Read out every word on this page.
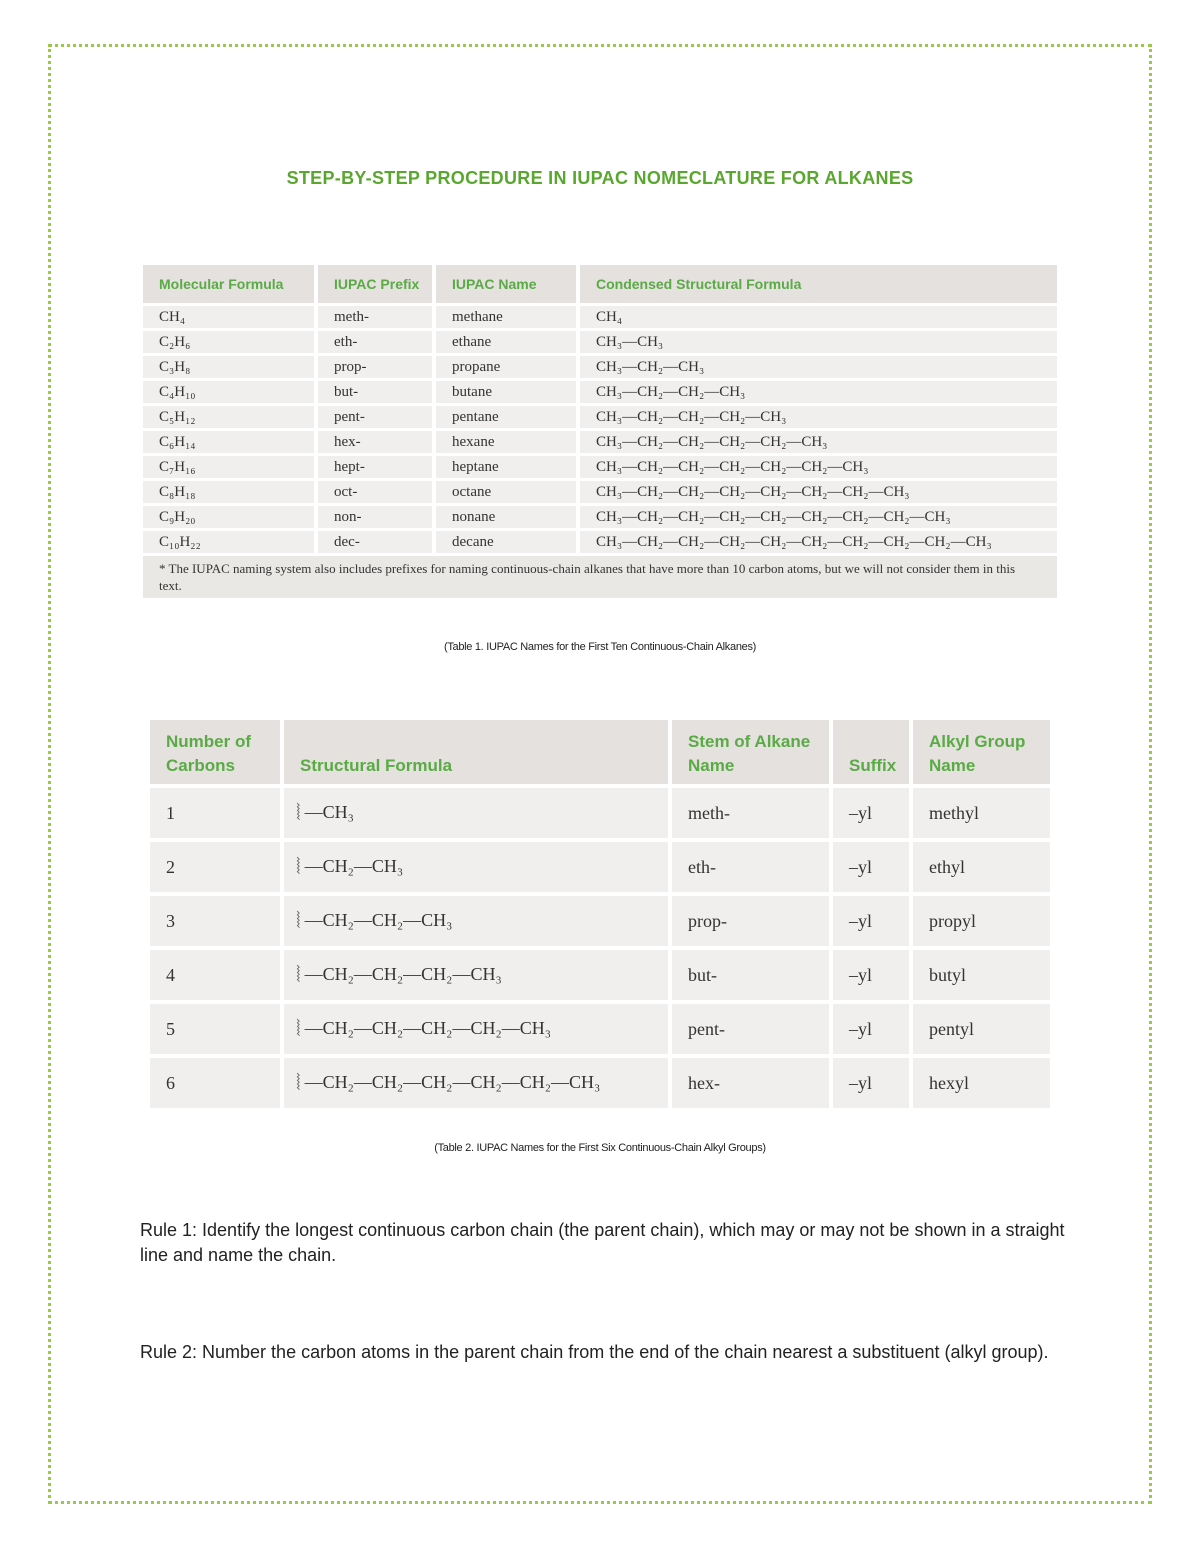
STEP-BY-STEP PROCEDURE IN IUPAC NOMECLATURE FOR ALKANES
Molecular Formula	IUPAC Prefix	IUPAC Name	Condensed Structural Formula
CH₄	meth-	methane	CH₄
C₂H₆	eth-	ethane	CH₃—CH₃
C₃H₈	prop-	propane	CH₃—CH₂—CH₃
C₄H₁₀	but-	butane	CH₃—CH₂—CH₂—CH₃
C₅H₁₂	pent-	pentane	CH₃—CH₂—CH₂—CH₂—CH₃
C₆H₁₄	hex-	hexane	CH₃—CH₂—CH₂—CH₂—CH₂—CH₃
C₇H₁₆	hept-	heptane	CH₃—CH₂—CH₂—CH₂—CH₂—CH₂—CH₃
C₈H₁₈	oct-	octane	CH₃—CH₂—CH₂—CH₂—CH₂—CH₂—CH₂—CH₃
C₉H₂₀	non-	nonane	CH₃—CH₂—CH₂—CH₂—CH₂—CH₂—CH₂—CH₂—CH₃
C₁₀H₂₂	dec-	decane	CH₃—CH₂—CH₂—CH₂—CH₂—CH₂—CH₂—CH₂—CH₂—CH₃
* The IUPAC naming system also includes prefixes for naming continuous-chain alkanes that have more than 10 carbon atoms, but we will not consider them in this text.			
(Table 1. IUPAC Names for the First Ten Continuous-Chain Alkanes)
Number of Carbons	Structural Formula	Stem of Alkane Name	Suffix	Alkyl Group Name
1	⦚ —CH₃	meth-	–yl	methyl
2	⦚ —CH₂—CH₃	eth-	–yl	ethyl
3	⦚ —CH₂—CH₂—CH₃	prop-	–yl	propyl
4	⦚ —CH₂—CH₂—CH₂—CH₃	but-	–yl	butyl
5	⦚ —CH₂—CH₂—CH₂—CH₂—CH₃	pent-	–yl	pentyl
6	⦚ —CH₂—CH₂—CH₂—CH₂—CH₂—CH₃	hex-	–yl	hexyl
(Table 2. IUPAC Names for the First Six Continuous-Chain Alkyl Groups)
Rule 1: Identify the longest continuous carbon chain (the parent chain), which may or may not be shown in a straight line and name the chain.
Rule 2: Number the carbon atoms in the parent chain from the end of the chain nearest a substituent (alkyl group).
